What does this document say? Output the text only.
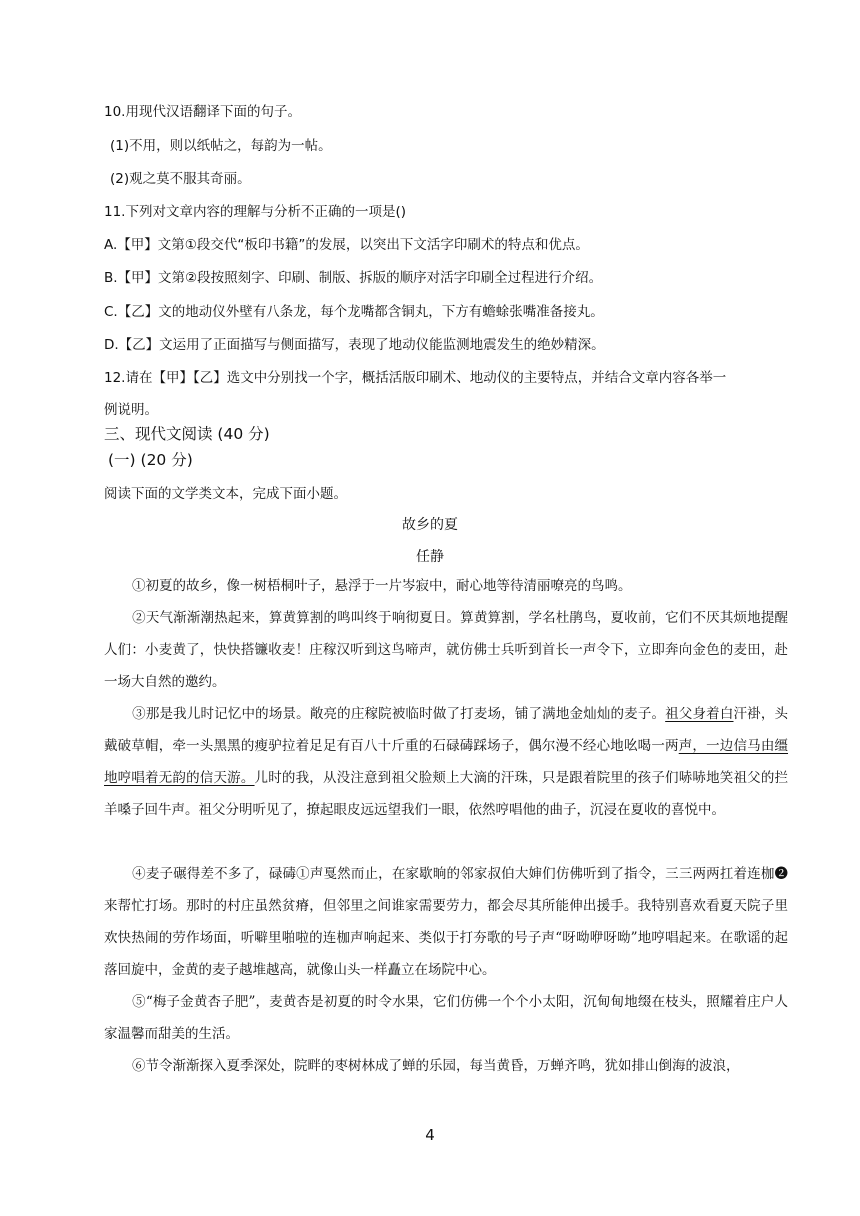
10.用现代汉语翻译下面的句子。
(1)不用，则以纸帖之，每韵为一帖。
(2)观之莫不服其奇丽。
11.下列对文章内容的理解与分析不正确的一项是()
A.【甲】文第①段交代“板印书籍”的发展，以突出下文活字印刷术的特点和优点。
B.【甲】文第②段按照刻字、印刷、制版、拆版的顺序对活字印刷全过程进行介绍。
C.【乙】文的地动仪外壁有八条龙，每个龙嘴都含铜丸，下方有蟾蜍张嘴准备接丸。
D.【乙】文运用了正面描写与侧面描写，表现了地动仪能监测地震发生的绝妙精深。
12.请在【甲】【乙】选文中分别找一个字，概括活版印刷术、地动仪的主要特点，并结合文章内容各举一
例说明。
三、现代文阅读 (40 分)
(一) (20 分)
阅读下面的文学类文本，完成下面小题。
故乡的夏
任静
①初夏的故乡，像一树梧桐叶子，悬浮于一片岑寂中，耐心地等待清丽嘹亮的鸟鸣。
②天气渐渐潮热起来，算黄算割的鸣叫终于响彻夏日。算黄算割，学名杜鹃鸟，夏收前，它们不厌其烦地提醒人们：小麦黄了，快快搭镰收麦！庄稼汉听到这鸟啼声，就仿佛士兵听到首长一声令下，立即奔向金色的麦田，赴一场大自然的邀约。
③那是我儿时记忆中的场景。敞亮的庄稼院被临时做了打麦场，铺了满地金灿灿的麦子。祖父身着白汗褂，头戴破草帽，牵一头黑黑的瘦驴拉着足足有百八十斤重的石碌碡踩场子，偶尔漫不经心地吆喝一两声，一边信马由缰地哼唱着无韵的信天游。儿时的我，从没注意到祖父脸颊上大滴的汗珠，只是跟着院里的孩子们哧哧地笑祖父的拦羊嗓子回牛声。祖父分明听见了，撩起眼皮远远望我们一眼，依然哼唱他的曲子，沉浸在夏收的喜悦中。
④麦子碾得差不多了，碌碡①声戛然而止，在家歇晌的邻家叔伯大婶们仿佛听到了指令，三三两两扛着连枷❷来帮忙打场。那时的村庄虽然贫瘠，但邻里之间谁家需要劳力，都会尽其所能伸出援手。我特别喜欢看夏天院子里欢快热闹的劳作场面，听噼里啪啦的连枷声响起来、类似于打夯歌的号子声“呀呦咿呀呦”地哼唱起来。在歌谣的起落回旋中，金黄的麦子越堆越高，就像山头一样矗立在场院中心。
⑤“梅子金黄杏子肥”，麦黄杏是初夏的时令水果，它们仿佛一个个小太阳，沉甸甸地缀在枝头，照耀着庄户人家温馨而甜美的生活。
⑥节令渐渐探入夏季深处，院畔的枣树林成了蝉的乐园，每当黄昏，万蝉齐鸣，犹如排山倒海的波浪，
4
